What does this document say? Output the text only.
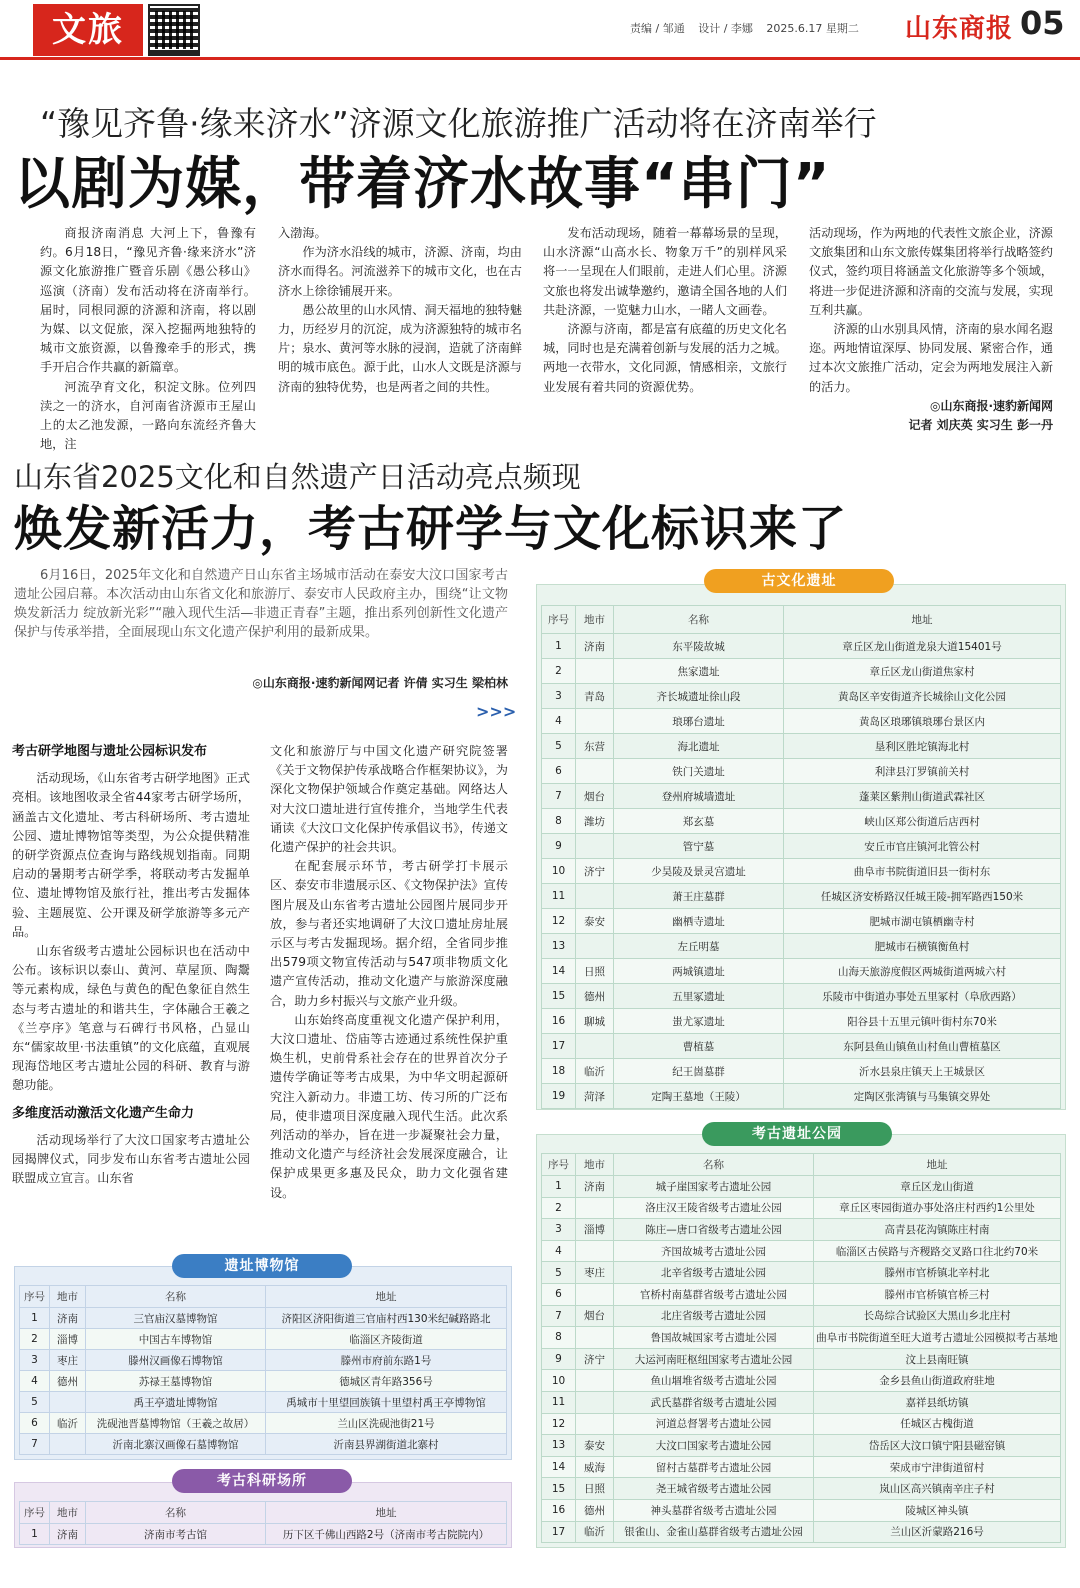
文旅	责编 / 邹通 设计 / 李娜 2025.6.17 星期二	山东商报 05
“豫见齐鲁·缘来济水”济源文化旅游推广活动将在济南举行
以剧为媒，带着济水故事“串门”

商报济南消息 大河上下，鲁豫有约。6月18日，“豫见齐鲁·缘来济水”济源文化旅游推广暨音乐剧《愚公移山》巡演（济南）发布活动将在济南举行。届时，同根同源的济源和济南，将以剧为媒、以文促旅，深入挖掘两地独特的城市文旅资源，以鲁豫牵手的形式，携手开启合作共赢的新篇章。

河流孕育文化，积淀文脉。位列四渎之一的济水，自河南省济源市王屋山上的太乙池发源，一路向东流经齐鲁大地，注

入渤海。

作为济水沿线的城市，济源、济南，均由济水而得名。河流滋养下的城市文化，也在古济水上徐徐铺展开来。

愚公故里的山水风情、洞天福地的独特魅力，历经岁月的沉淀，成为济源独特的城市名片；泉水、黄河等水脉的浸润，造就了济南鲜明的城市底色。源于此，山水人文既是济源与济南的独特优势，也是两者之间的共性。

发布活动现场，随着一幕幕场景的呈现，山水济源“山高水长、物象万千”的别样风采将一一呈现在人们眼前，走进人们心里。济源文旅也将发出诚挚邀约，邀请全国各地的人们共赴济源，一览魅力山水，一睹人文画卷。

济源与济南，都是富有底蕴的历史文化名城，同时也是充满着创新与发展的活力之城。两地一衣带水，文化同源，情感相亲，文旅行业发展有着共同的资源优势。

活动现场，作为两地的代表性文旅企业，济源文旅集团和山东文旅传媒集团将举行战略签约仪式，签约项目将涵盖文化旅游等多个领域，将进一步促进济源和济南的交流与发展，实现互利共赢。

济源的山水别具风情，济南的泉水闻名遐迩。两地情谊深厚、协同发展、紧密合作，通过本次文旅推广活动，定会为两地发展注入新的活力。

◎山东商报·速豹新闻网
记者 刘庆英 实习生 彭一丹
山东省2025文化和自然遗产日活动亮点频现
焕发新活力，考古研学与文化标识来了

6月16日，2025年文化和自然遗产日山东省主场城市活动在泰安大汶口国家考古遗址公园启幕。本次活动由山东省文化和旅游厅、泰安市人民政府主办，围绕“让文物焕发新活力 绽放新光彩”“融入现代生活—非遗正青春”主题，推出系列创新性文化遗产保护与传承举措，全面展现山东文化遗产保护利用的最新成果。

◎山东商报·速豹新闻网记者 许倩 实习生 梁柏林
>>>
考古研学地图与遗址公园标识发布

活动现场，《山东省考古研学地图》正式亮相。该地图收录全省44家考古研学场所，涵盖古文化遗址、考古科研场所、考古遗址公园、遗址博物馆等类型，为公众提供精准的研学资源点位查询与路线规划指南。同期启动的暑期考古研学季，将联动考古发掘单位、遗址博物馆及旅行社，推出考古发掘体验、主题展览、公开课及研学旅游等多元产品。

山东省级考古遗址公园标识也在活动中公布。该标识以泰山、黄河、草屋顶、陶鬶等元素构成，绿色与黄色的配色象征自然生态与考古遗址的和谐共生，字体融合王羲之《兰亭序》笔意与石碑行书风格，凸显山东“儒家故里·书法重镇”的文化底蕴，直观展现海岱地区考古遗址公园的科研、教育与游憩功能。

多维度活动激活文化遗产生命力

活动现场举行了大汶口国家考古遗址公园揭牌仪式，同步发布山东省考古遗址公园联盟成立宣言。山东省

文化和旅游厅与中国文化遗产研究院签署《关于文物保护传承战略合作框架协议》，为深化文物保护领域合作奠定基础。网络达人对大汶口遗址进行宣传推介，当地学生代表诵读《大汶口文化保护传承倡议书》，传递文化遗产保护的社会共识。

在配套展示环节，考古研学打卡展示区、泰安市非遗展示区、《文物保护法》宣传图片展及山东省考古遗址公园图片展同步开放，参与者还实地调研了大汶口遗址房址展示区与考古发掘现场。据介绍，全省同步推出579项文物宣传活动与547项非物质文化遗产宣传活动，推动文化遗产与旅游深度融合，助力乡村振兴与文旅产业升级。

山东始终高度重视文化遗产保护利用，大汶口遗址、岱庙等古迹通过系统性保护重焕生机，史前骨系社会存在的世界首次分子遗传学确证等考古成果，为中华文明起源研究注入新动力。非遗工坊、传习所的广泛布局，使非遗项目深度融入现代生活。此次系列活动的举办，旨在进一步凝聚社会力量，推动文化遗产与经济社会发展深度融合，让保护成果更多惠及民众，助力文化强省建设。

序号	地市	名称	地址
1	济南	东平陵故城	章丘区龙山街道龙泉大道15401号
2		焦家遗址	章丘区龙山街道焦家村
3	青岛	齐长城遗址徐山段	黄岛区辛安街道齐长城徐山文化公园
4		琅琊台遗址	黄岛区琅琊镇琅琊台景区内
5	东营	海北遗址	垦利区胜坨镇海北村
6		铁门关遗址	利津县汀罗镇前关村
7	烟台	登州府城墙遗址	蓬莱区紫荆山街道武霖社区
8	潍坊	郑玄墓	峡山区郑公街道后店西村
9		管宁墓	安丘市官庄镇河北管公村
10	济宁	少昊陵及景灵宫遗址	曲阜市书院街道旧县一街村东
11		萧王庄墓群	任城区济安桥路汉任城王陵-拥军路西150米
12	泰安	幽栖寺遗址	肥城市湖屯镇栖幽寺村
13		左丘明墓	肥城市石横镇衡鱼村
14	日照	两城镇遗址	山海天旅游度假区两城街道两城六村
15	德州	五里冢遗址	乐陵市中街道办事处五里冢村（阜欣西路）
16	聊城	蚩尤冢遗址	阳谷县十五里元镇叶街村东70米
17		曹植墓	东阿县鱼山镇鱼山村鱼山曹植墓区
18	临沂	纪王崮墓群	沂水县泉庄镇天上王城景区
19	菏泽	定陶王墓地（王陵）	定陶区张湾镇与马集镇交界处
古文化遗址
序号	地市	名称	地址
1	济南	城子崖国家考古遗址公园	章丘区龙山街道
2		洛庄汉王陵省级考古遗址公园	章丘区枣园街道办事处洛庄村西约1公里处
3	淄博	陈庄—唐口省级考古遗址公园	高青县花沟镇陈庄村南
4		齐国故城考古遗址公园	临淄区古侯路与齐稷路交叉路口往北约70米
5	枣庄	北辛省级考古遗址公园	滕州市官桥镇北辛村北
6		官桥村南墓群省级考古遗址公园	滕州市官桥镇官桥三村
7	烟台	北庄省级考古遗址公园	长岛综合试验区大黑山乡北庄村
8		鲁国故城国家考古遗址公园	曲阜市书院街道至旺大道考古遗址公园模拟考古基地
9	济宁	大运河南旺枢纽国家考古遗址公园	汶上县南旺镇
10		鱼山堌堆省级考古遗址公园	金乡县鱼山街道政府驻地
11		武氏墓群省级考古遗址公园	嘉祥县纸坊镇
12		河道总督署考古遗址公园	任城区古槐街道
13	泰安	大汶口国家考古遗址公园	岱岳区大汶口镇宁阳县磁窑镇
14	威海	留村古墓群考古遗址公园	荣成市宁津街道留村
15	日照	尧王城省级考古遗址公园	岚山区高兴镇南辛庄子村
16	德州	神头墓群省级考古遗址公园	陵城区神头镇
17	临沂	银雀山、金雀山墓群省级考古遗址公园	兰山区沂蒙路216号
考古遗址公园
序号	地市	名称	地址
1	济南	三官庙汉墓博物馆	济阳区济阳街道三官庙村西130米纪碱路路北
2	淄博	中国古车博物馆	临淄区齐陵街道
3	枣庄	滕州汉画像石博物馆	滕州市府前东路1号
4	德州	苏禄王墓博物馆	德城区青年路356号
5		禹王亭遗址博物馆	禹城市十里望回族镇十里望村禹王亭博物馆
6	临沂	洗砚池晋墓博物馆（王羲之故居）	兰山区洗砚池街21号
7		沂南北寨汉画像石墓博物馆	沂南县界湖街道北寨村
遗址博物馆
序号	地市	名称	地址
1	济南	济南市考古馆	历下区千佛山西路2号（济南市考古院院内）
考古科研场所
